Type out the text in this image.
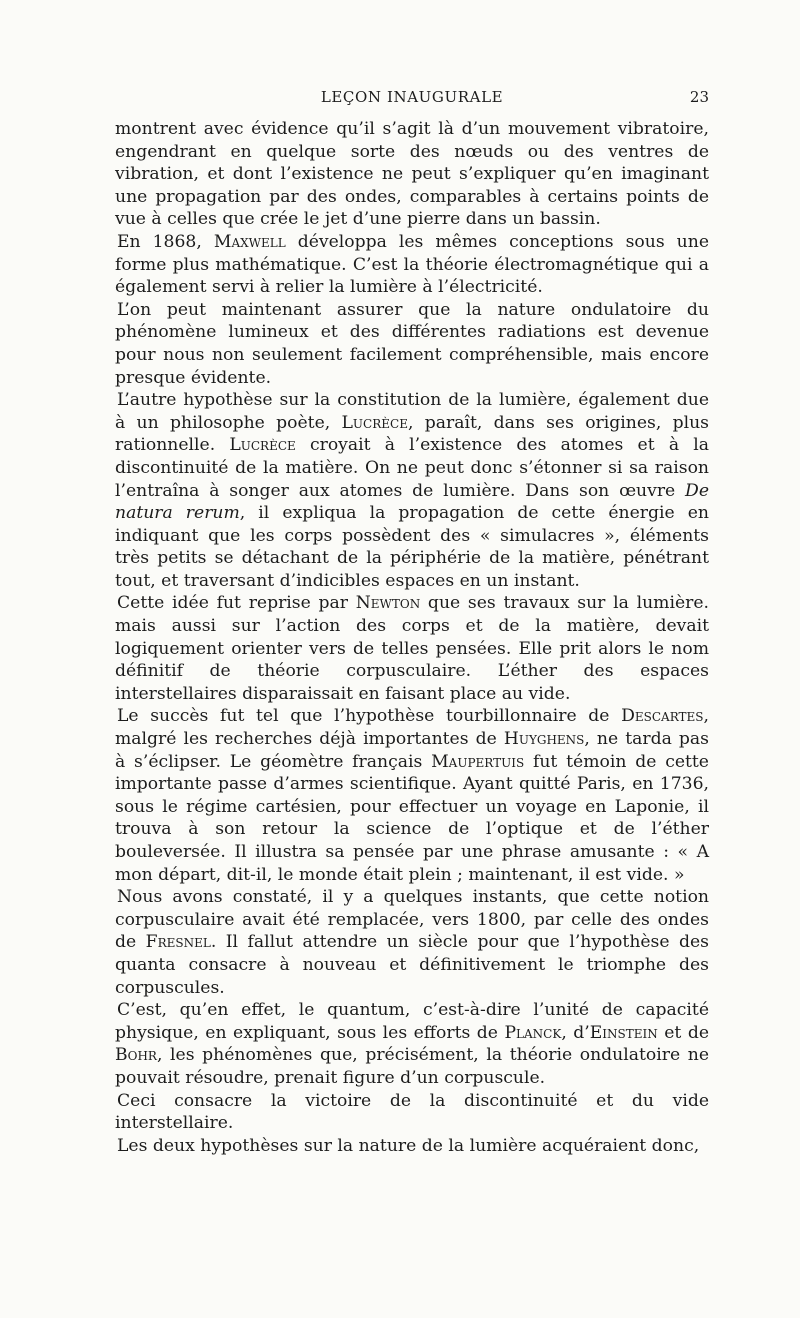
LEÇON INAUGURALE	23

montrent avec évidence qu’il s’agit là d’un mouvement vibratoire, engendrant en quelque sorte des nœuds ou des ventres de vibration, et dont l’existence ne peut s’expliquer qu’en imaginant une propagation par des ondes, comparables à certains points de vue à celles que crée le jet d’une pierre dans un bassin.

En 1868, Maxwell développa les mêmes conceptions sous une forme plus mathématique. C’est la théorie électromagnétique qui a également servi à relier la lumière à l’électricité.

L’on peut maintenant assurer que la nature ondulatoire du phénomène lumineux et des différentes radiations est devenue pour nous non seulement facilement compréhensible, mais encore presque évidente.

L’autre hypothèse sur la constitution de la lumière, également due à un philosophe poète, Lucrèce, paraît, dans ses origines, plus rationnelle. Lucrèce croyait à l’existence des atomes et à la discontinuité de la matière. On ne peut donc s’étonner si sa raison l’entraîna à songer aux atomes de lumière. Dans son œuvre De natura rerum, il expliqua la propagation de cette énergie en indiquant que les corps possèdent des « simulacres », éléments très petits se détachant de la périphérie de la matière, pénétrant tout, et traversant d’indicibles espaces en un instant.

Cette idée fut reprise par Newton que ses travaux sur la lumière. mais aussi sur l’action des corps et de la matière, devait logiquement orienter vers de telles pensées. Elle prit alors le nom définitif de théorie corpusculaire. L’éther des espaces interstellaires disparaissait en faisant place au vide.

Le succès fut tel que l’hypothèse tourbillonnaire de Descartes, malgré les recherches déjà importantes de Huyghens, ne tarda pas à s’éclipser. Le géomètre français Maupertuis fut témoin de cette importante passe d’armes scientifique. Ayant quitté Paris, en 1736, sous le régime cartésien, pour effectuer un voyage en Laponie, il trouva à son retour la science de l’optique et de l’éther bouleversée. Il illustra sa pensée par une phrase amusante : « A mon départ, dit-il, le monde était plein ; maintenant, il est vide. »

Nous avons constaté, il y a quelques instants, que cette notion corpusculaire avait été remplacée, vers 1800, par celle des ondes de Fresnel. Il fallut attendre un siècle pour que l’hypothèse des quanta consacre à nouveau et définitivement le triomphe des corpuscules.

C’est, qu’en effet, le quantum, c’est-à-dire l’unité de capacité physique, en expliquant, sous les efforts de Planck, d’Einstein et de Bohr, les phénomènes que, précisément, la théorie ondulatoire ne pouvait résoudre, prenait figure d’un corpuscule.

Ceci consacre la victoire de la discontinuité et du vide interstellaire.

Les deux hypothèses sur la nature de la lumière acquéraient donc,
